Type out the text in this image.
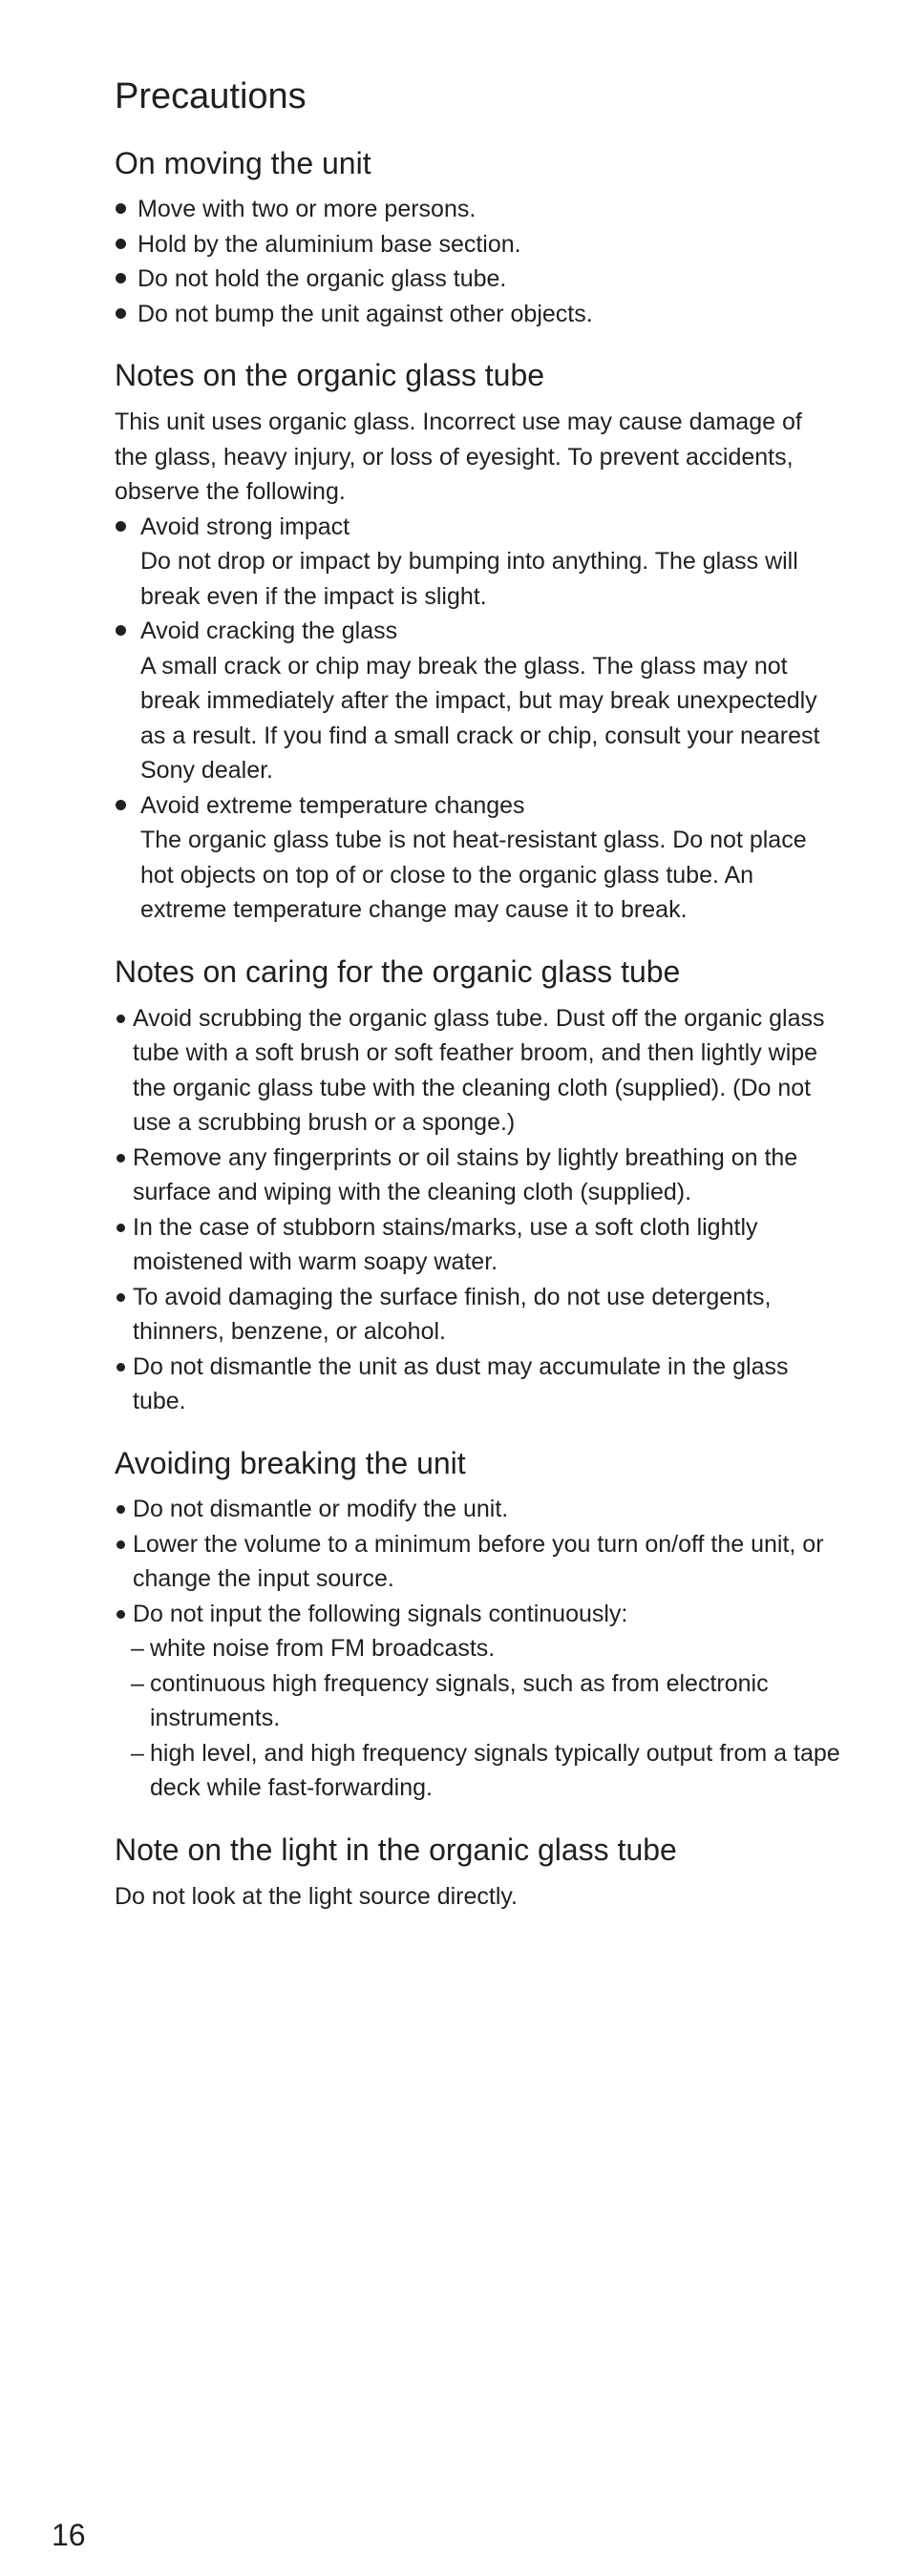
Precautions
On moving the unit
Move with two or more persons.
Hold by the aluminium base section.
Do not hold the organic glass tube.
Do not bump the unit against other objects.
Notes on the organic glass tube

This unit uses organic glass. Incorrect use may cause damage of the glass, heavy injury, or loss of eyesight. To prevent accidents, observe the following.

Avoid strong impact
Do not drop or impact by bumping into anything. The glass will break even if the impact is slight.
Avoid cracking the glass
A small crack or chip may break the glass. The glass may not break immediately after the impact, but may break unexpectedly as a result. If you find a small crack or chip, consult your nearest Sony dealer.
Avoid extreme temperature changes
The organic glass tube is not heat-resistant glass. Do not place hot objects on top of or close to the organic glass tube. An extreme temperature change may cause it to break.
Notes on caring for the organic glass tube
Avoid scrubbing the organic glass tube. Dust off the organic glass tube with a soft brush or soft feather broom, and then lightly wipe the organic glass tube with the cleaning cloth (supplied). (Do not use a scrubbing brush or a sponge.)
Remove any fingerprints or oil stains by lightly breathing on the surface and wiping with the cleaning cloth (supplied).
In the case of stubborn stains/marks, use a soft cloth lightly moistened with warm soapy water.
To avoid damaging the surface finish, do not use detergents, thinners, benzene, or alcohol.
Do not dismantle the unit as dust may accumulate in the glass tube.
Avoiding breaking the unit
Do not dismantle or modify the unit.
Lower the volume to a minimum before you turn on/off the unit, or change the input source.
Do not input the following signals continuously:
– white noise from FM broadcasts.
– continuous high frequency signals, such as from electronic instruments.
– high level, and high frequency signals typically output from a tape deck while fast-forwarding.
Note on the light in the organic glass tube

Do not look at the light source directly.

16
